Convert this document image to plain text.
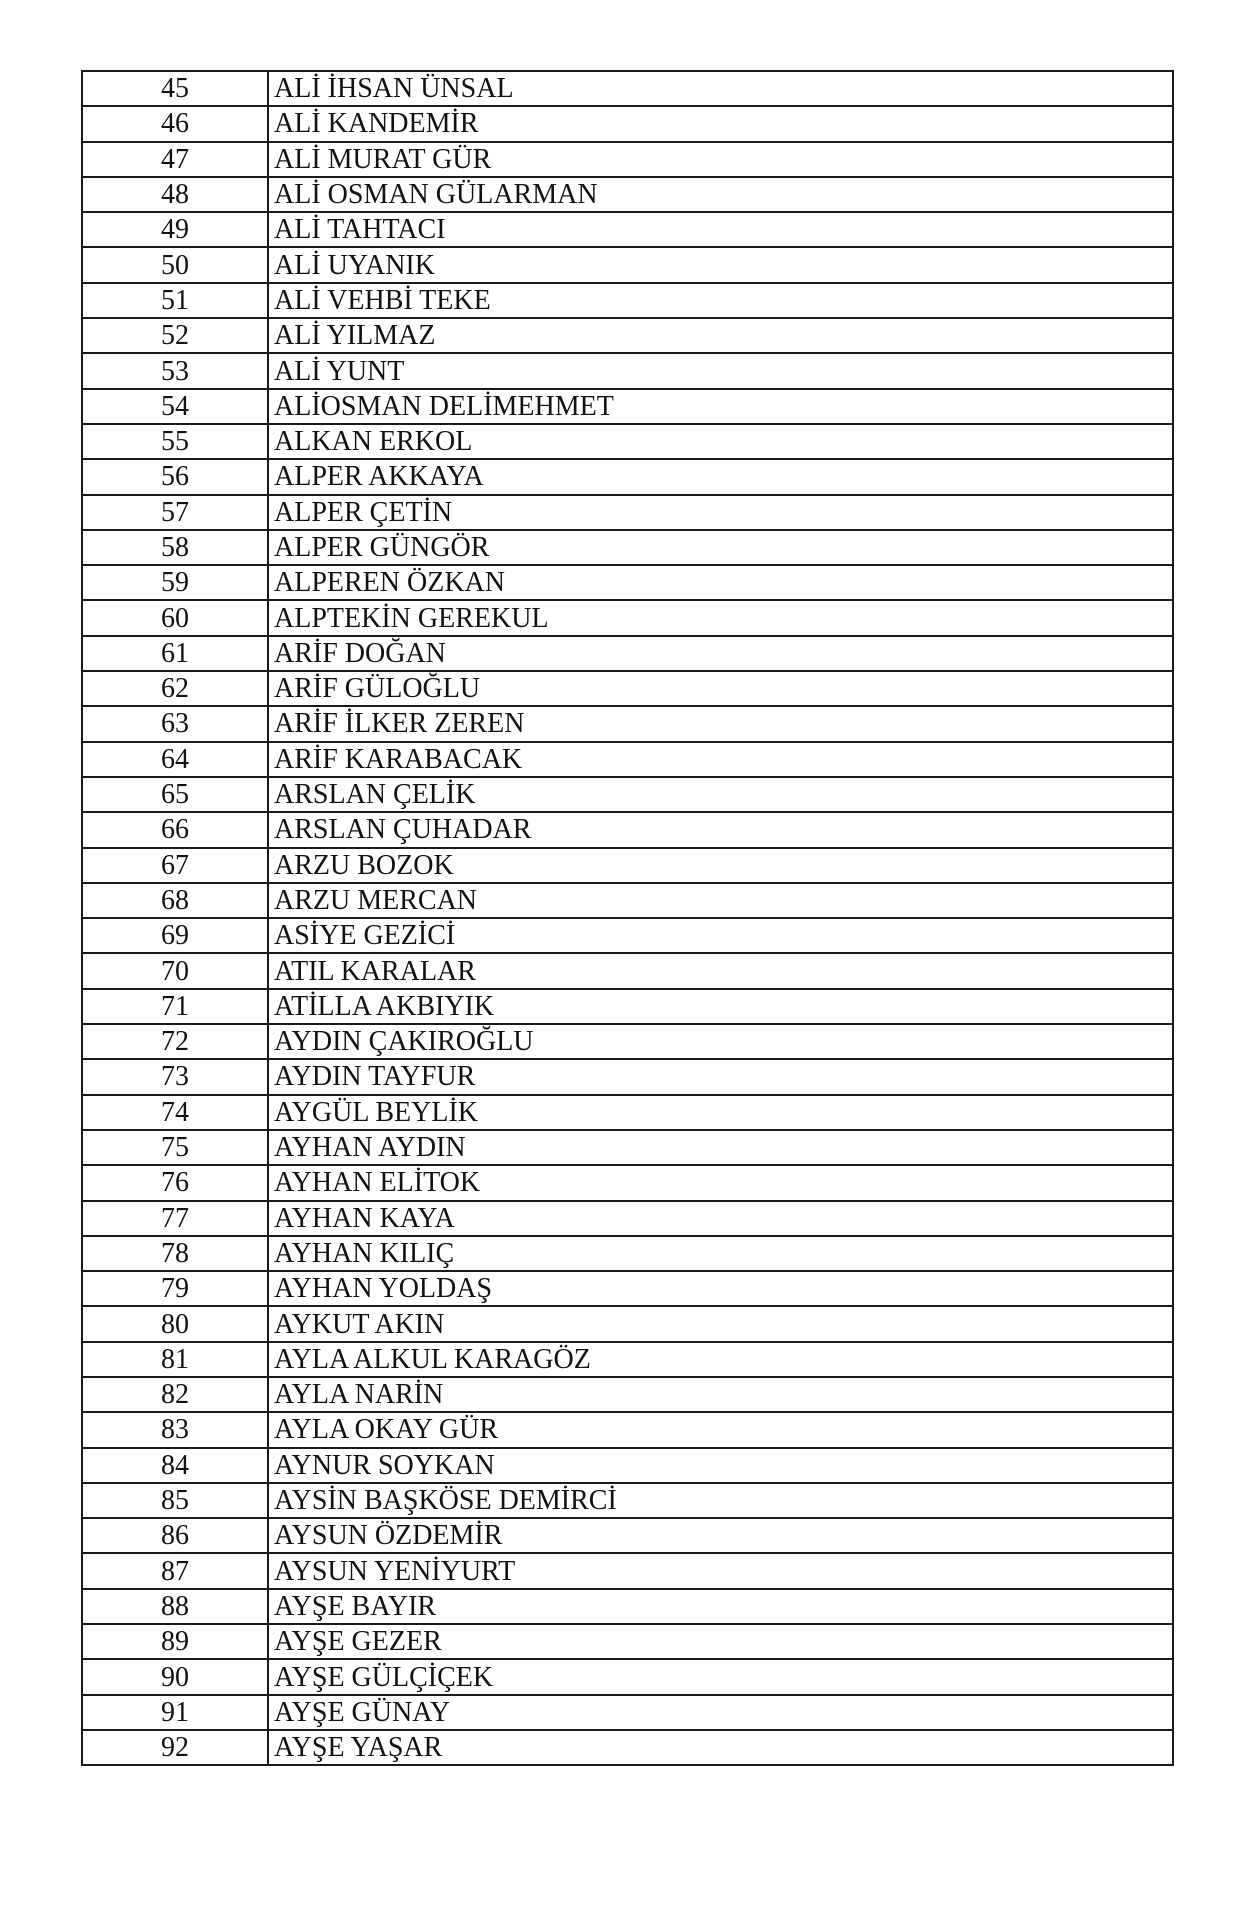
45	ALİ İHSAN ÜNSAL
46	ALİ KANDEMİR
47	ALİ MURAT GÜR
48	ALİ OSMAN GÜLARMAN
49	ALİ TAHTACI
50	ALİ UYANIK
51	ALİ VEHBİ TEKE
52	ALİ YILMAZ
53	ALİ YUNT
54	ALİOSMAN DELİMEHMET
55	ALKAN ERKOL
56	ALPER AKKAYA
57	ALPER ÇETİN
58	ALPER GÜNGÖR
59	ALPEREN ÖZKAN
60	ALPTEKİN GEREKUL
61	ARİF DOĞAN
62	ARİF GÜLOĞLU
63	ARİF İLKER ZEREN
64	ARİF KARABACAK
65	ARSLAN ÇELİK
66	ARSLAN ÇUHADAR
67	ARZU BOZOK
68	ARZU MERCAN
69	ASİYE GEZİCİ
70	ATIL KARALAR
71	ATİLLA AKBIYIK
72	AYDIN ÇAKIROĞLU
73	AYDIN TAYFUR
74	AYGÜL BEYLİK
75	AYHAN AYDIN
76	AYHAN ELİTOK
77	AYHAN KAYA
78	AYHAN KILIÇ
79	AYHAN YOLDAŞ
80	AYKUT AKIN
81	AYLA ALKUL KARAGÖZ
82	AYLA NARİN
83	AYLA OKAY GÜR
84	AYNUR SOYKAN
85	AYSİN BAŞKÖSE DEMİRCİ
86	AYSUN ÖZDEMİR
87	AYSUN YENİYURT
88	AYŞE BAYIR
89	AYŞE GEZER
90	AYŞE GÜLÇİÇEK
91	AYŞE GÜNAY
92	AYŞE YAŞAR
